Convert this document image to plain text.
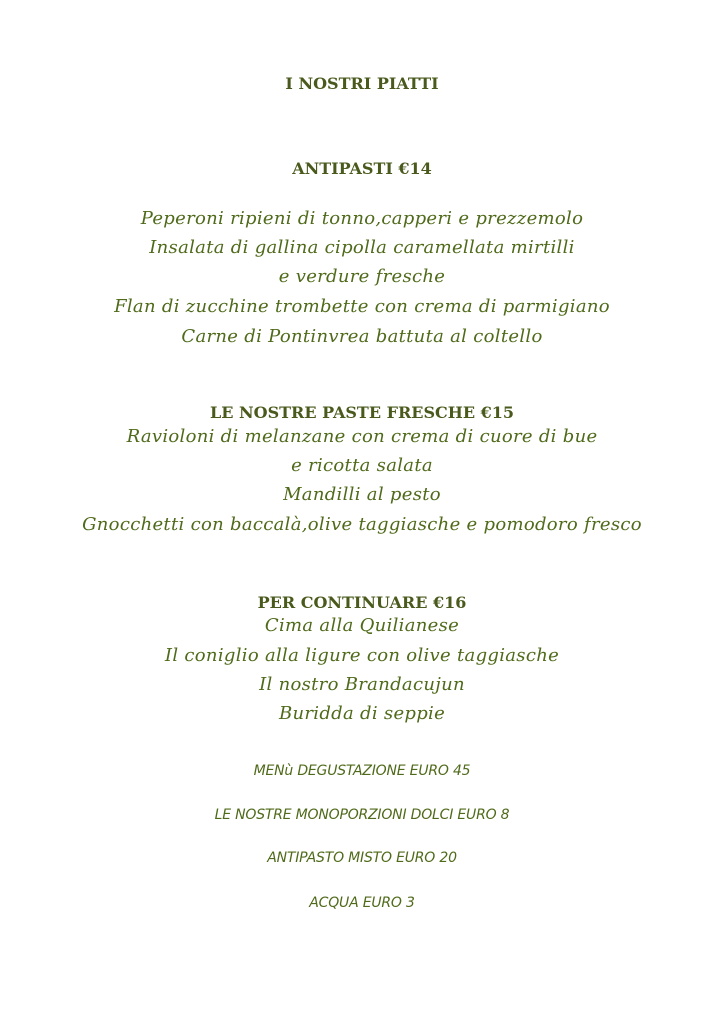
I NOSTRI PIATTI
ANTIPASTI €14
Peperoni ripieni di tonno,capperi e prezzemolo
Insalata di gallina cipolla caramellata mirtilli
e verdure fresche
Flan di zucchine trombette con crema di parmigiano
Carne di Pontinvrea battuta al coltello
LE NOSTRE PASTE FRESCHE €15
Ravioloni di melanzane con crema di cuore di bue
e ricotta salata
Mandilli al pesto
Gnocchetti con baccalà,olive taggiasche e pomodoro fresco
PER CONTINUARE €16
Cima alla Quilianese
Il coniglio alla ligure con olive taggiasche
Il nostro Brandacujun
Buridda di seppie
MENù DEGUSTAZIONE EURO 45
LE NOSTRE MONOPORZIONI DOLCI EURO 8
ANTIPASTO MISTO EURO 20
ACQUA EURO 3
